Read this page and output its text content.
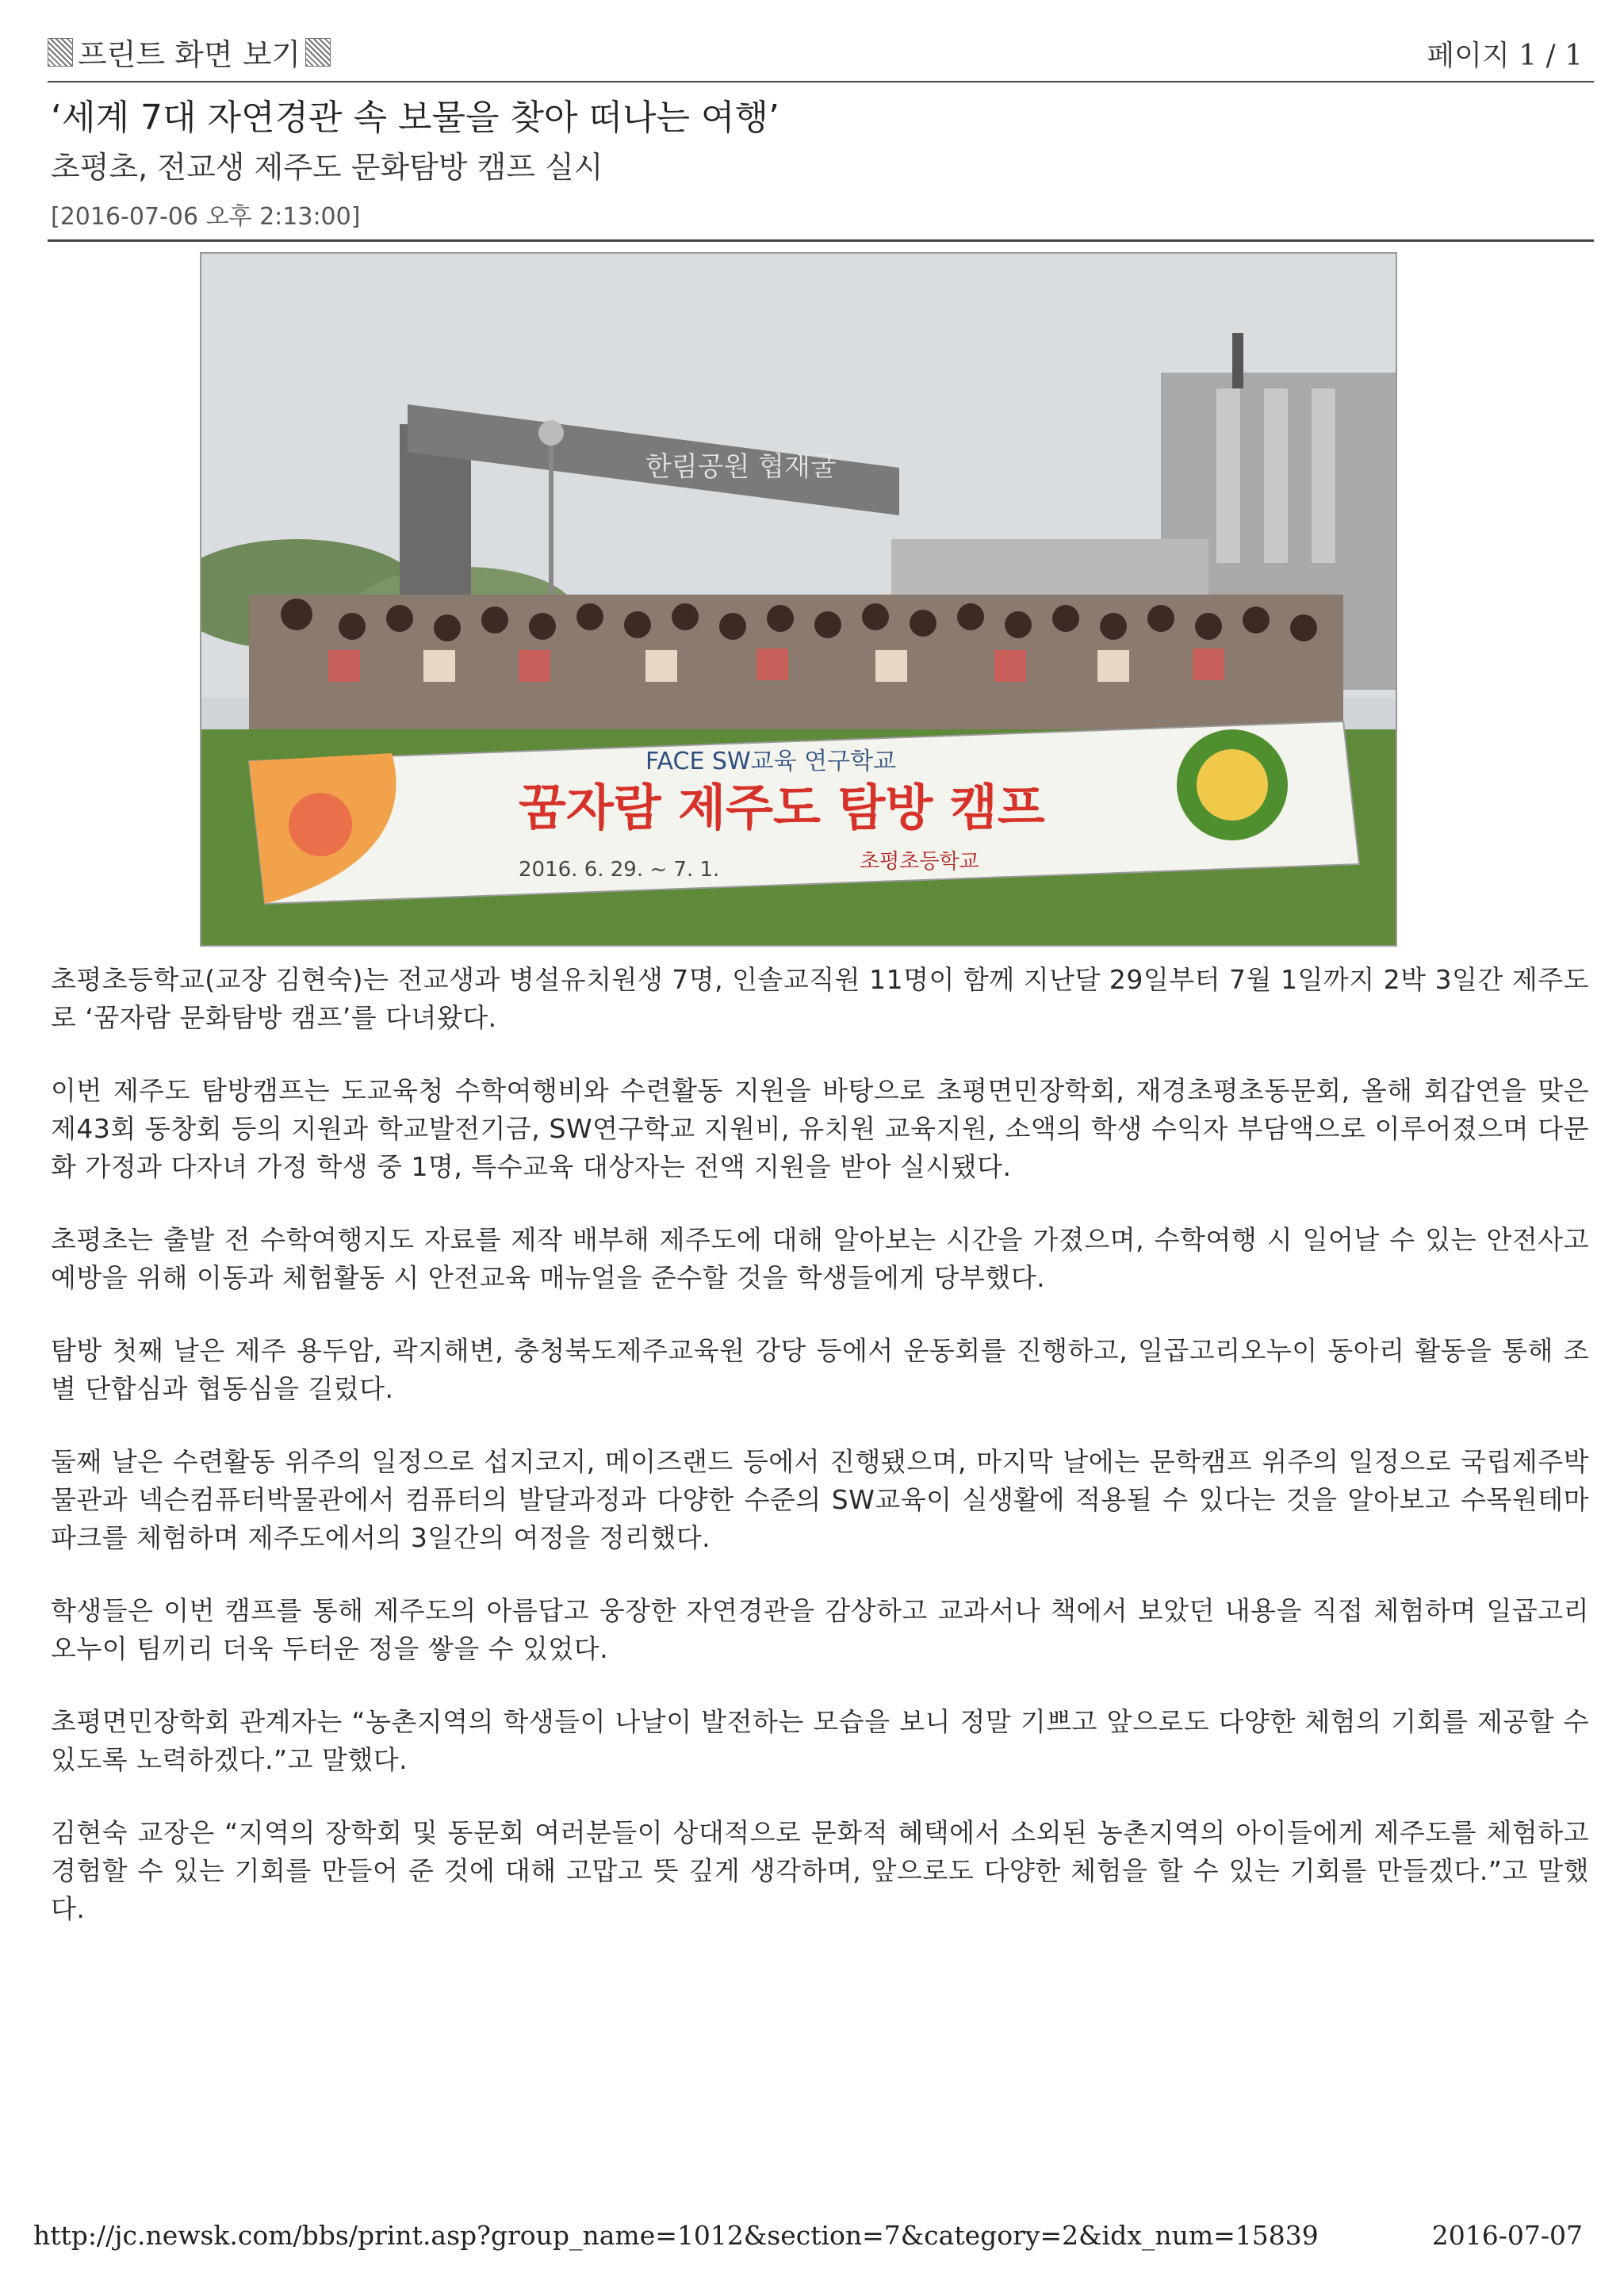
프린트 화면 보기	페이지 1 / 1
‘세계 7대 자연경관 속 보물을 찾아 떠나는 여행’
초평초, 전교생 제주도 문화탐방 캠프 실시
[2016-07-06 오후 2:13:00]
한림공원 협재굴
FACE SW교육 연구학교
꿈자람 제주도 탐방 캠프
2016. 6. 29. ~ 7. 1.	초평초등학교

초평초등학교(교장 김현숙)는 전교생과 병설유치원생 7명, 인솔교직원 11명이 함께 지난달 29일부터 7월 1일까지 2박 3일간 제주도로 ‘꿈자람 문화탐방 캠프’를 다녀왔다.

이번 제주도 탐방캠프는 도교육청 수학여행비와 수련활동 지원을 바탕으로 초평면민장학회, 재경초평초동문회, 올해 회갑연을 맞은 제43회 동창회 등의 지원과 학교발전기금, SW연구학교 지원비, 유치원 교육지원, 소액의 학생 수익자 부담액으로 이루어졌으며 다문화 가정과 다자녀 가정 학생 중 1명, 특수교육 대상자는 전액 지원을 받아 실시됐다.

초평초는 출발 전 수학여행지도 자료를 제작 배부해 제주도에 대해 알아보는 시간을 가졌으며, 수학여행 시 일어날 수 있는 안전사고 예방을 위해 이동과 체험활동 시 안전교육 매뉴얼을 준수할 것을 학생들에게 당부했다.

탐방 첫째 날은 제주 용두암, 곽지해변, 충청북도제주교육원 강당 등에서 운동회를 진행하고, 일곱고리오누이 동아리 활동을 통해 조별 단합심과 협동심을 길렀다.

둘째 날은 수련활동 위주의 일정으로 섭지코지, 메이즈랜드 등에서 진행됐으며, 마지막 날에는 문학캠프 위주의 일정으로 국립제주박물관과 넥슨컴퓨터박물관에서 컴퓨터의 발달과정과 다양한 수준의 SW교육이 실생활에 적용될 수 있다는 것을 알아보고 수목원테마파크를 체험하며 제주도에서의 3일간의 여정을 정리했다.

학생들은 이번 캠프를 통해 제주도의 아름답고 웅장한 자연경관을 감상하고 교과서나 책에서 보았던 내용을 직접 체험하며 일곱고리오누이 팀끼리 더욱 두터운 정을 쌓을 수 있었다.

초평면민장학회 관계자는 “농촌지역의 학생들이 나날이 발전하는 모습을 보니 정말 기쁘고 앞으로도 다양한 체험의 기회를 제공할 수 있도록 노력하겠다.”고 말했다.

김현숙 교장은 “지역의 장학회 및 동문회 여러분들이 상대적으로 문화적 혜택에서 소외된 농촌지역의 아이들에게 제주도를 체험하고 경험할 수 있는 기회를 만들어 준 것에 대해 고맙고 뜻 깊게 생각하며, 앞으로도 다양한 체험을 할 수 있는 기회를 만들겠다.”고 말했다.

http://jc.newsk.com/bbs/print.asp?group_name=1012&section=7&category=2&idx_num=15839	2016-07-07
